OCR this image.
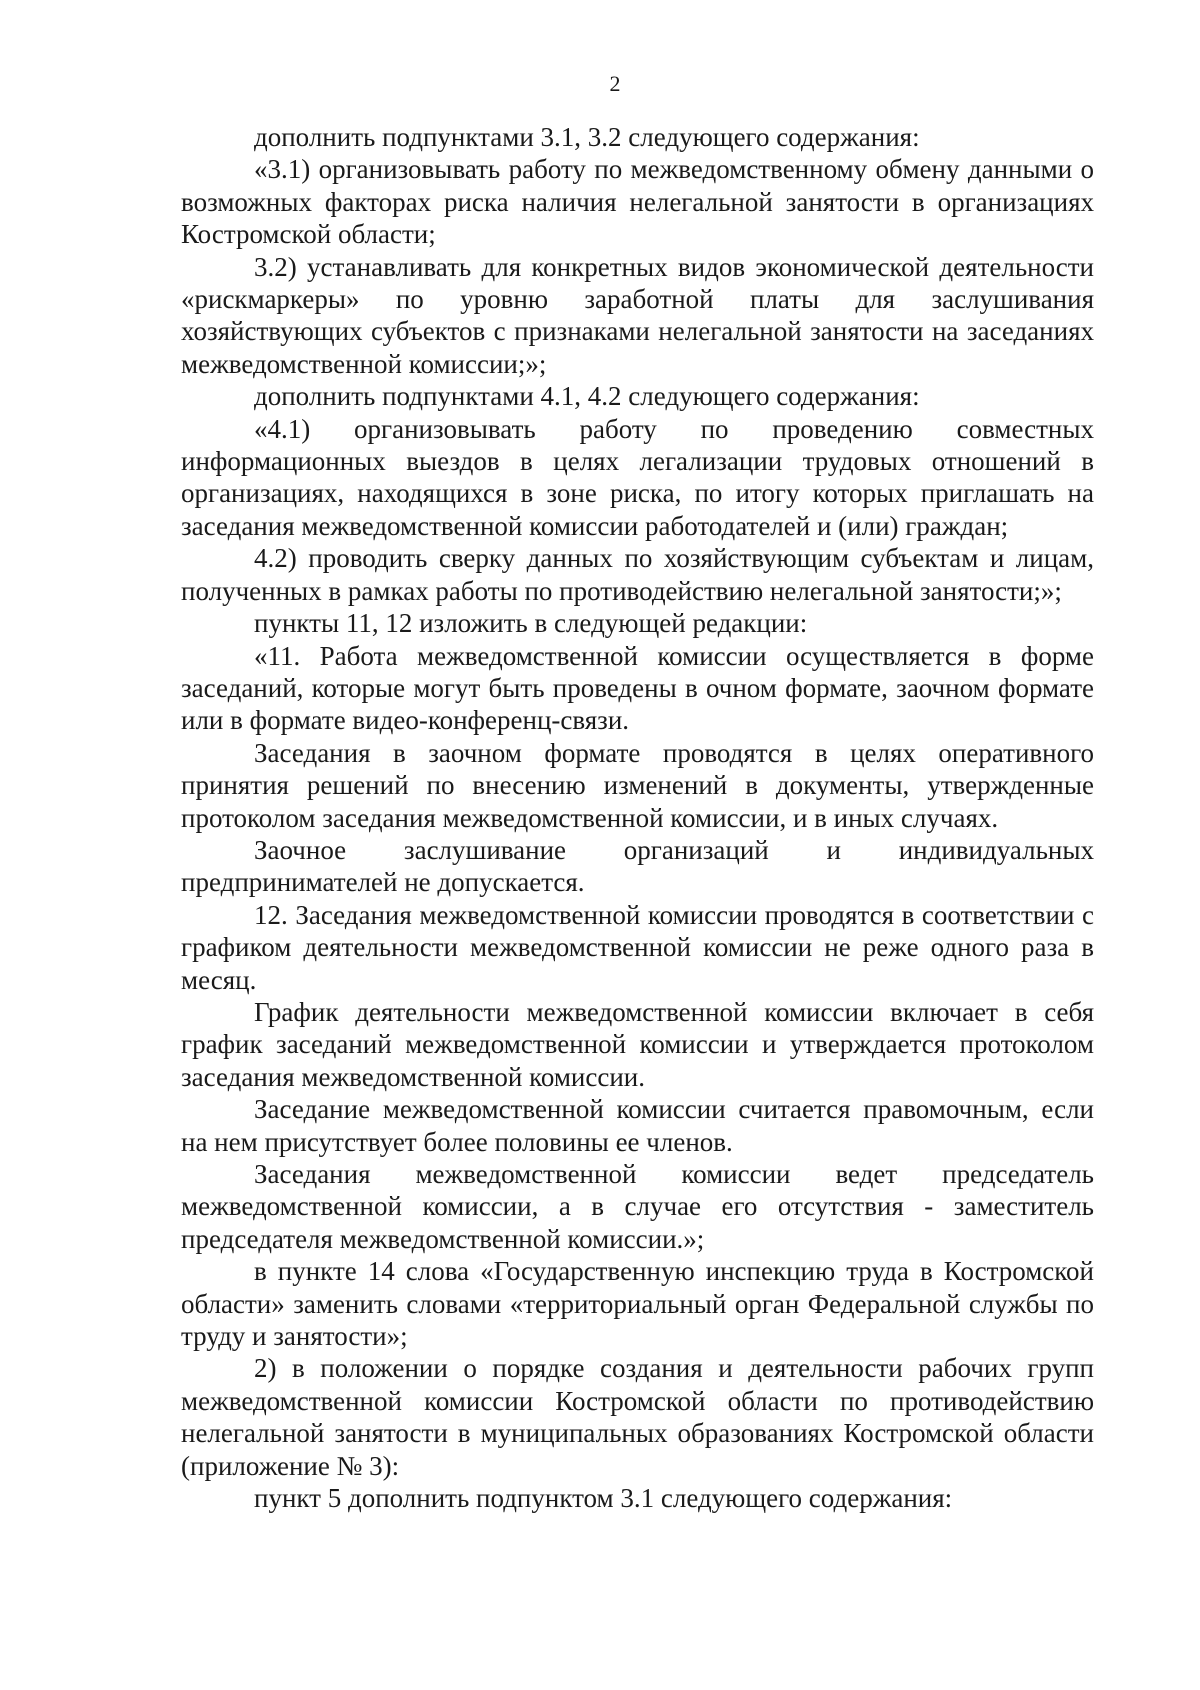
2

дополнить подпунктами 3.1, 3.2 следующего содержания:

«3.1) организовывать работу по межведомственному обмену данными о возможных факторах риска наличия нелегальной занятости в организациях Костромской области;

3.2) устанавливать для конкретных видов экономической деятельности «рискмаркеры» по уровню заработной платы для заслушивания хозяйствующих субъектов с признаками нелегальной занятости на заседаниях межведомственной комиссии;»;

дополнить подпунктами 4.1, 4.2 следующего содержания:

«4.1) организовывать работу по проведению совместных информационных выездов в целях легализации трудовых отношений в организациях, находящихся в зоне риска, по итогу которых приглашать на заседания межведомственной комиссии работодателей и (или) граждан;

4.2) проводить сверку данных по хозяйствующим субъектам и лицам, полученных в рамках работы по противодействию нелегальной занятости;»;

пункты 11, 12 изложить в следующей редакции:

«11. Работа межведомственной комиссии осуществляется в форме заседаний, которые могут быть проведены в очном формате, заочном формате или в формате видео-конференц-связи.

Заседания в заочном формате проводятся в целях оперативного принятия решений по внесению изменений в документы, утвержденные протоколом заседания межведомственной комиссии, и в иных случаях.

Заочное заслушивание организаций и индивидуальных предпринимателей не допускается.

12. Заседания межведомственной комиссии проводятся в соответствии с графиком деятельности межведомственной комиссии не реже одного раза в месяц.

График деятельности межведомственной комиссии включает в себя график заседаний межведомственной комиссии и утверждается протоколом заседания межведомственной комиссии.

Заседание межведомственной комиссии считается правомочным, если на нем присутствует более половины ее членов.

Заседания межведомственной комиссии ведет председатель межведомственной комиссии, а в случае его отсутствия - заместитель председателя межведомственной комиссии.»;

в пункте 14 слова «Государственную инспекцию труда в Костромской области» заменить словами «территориальный орган Федеральной службы по труду и занятости»;

2) в положении о порядке создания и деятельности рабочих групп межведомственной комиссии Костромской области по противодействию нелегальной занятости в муниципальных образованиях Костромской области (приложение № 3):

пункт 5 дополнить подпунктом 3.1 следующего содержания:
